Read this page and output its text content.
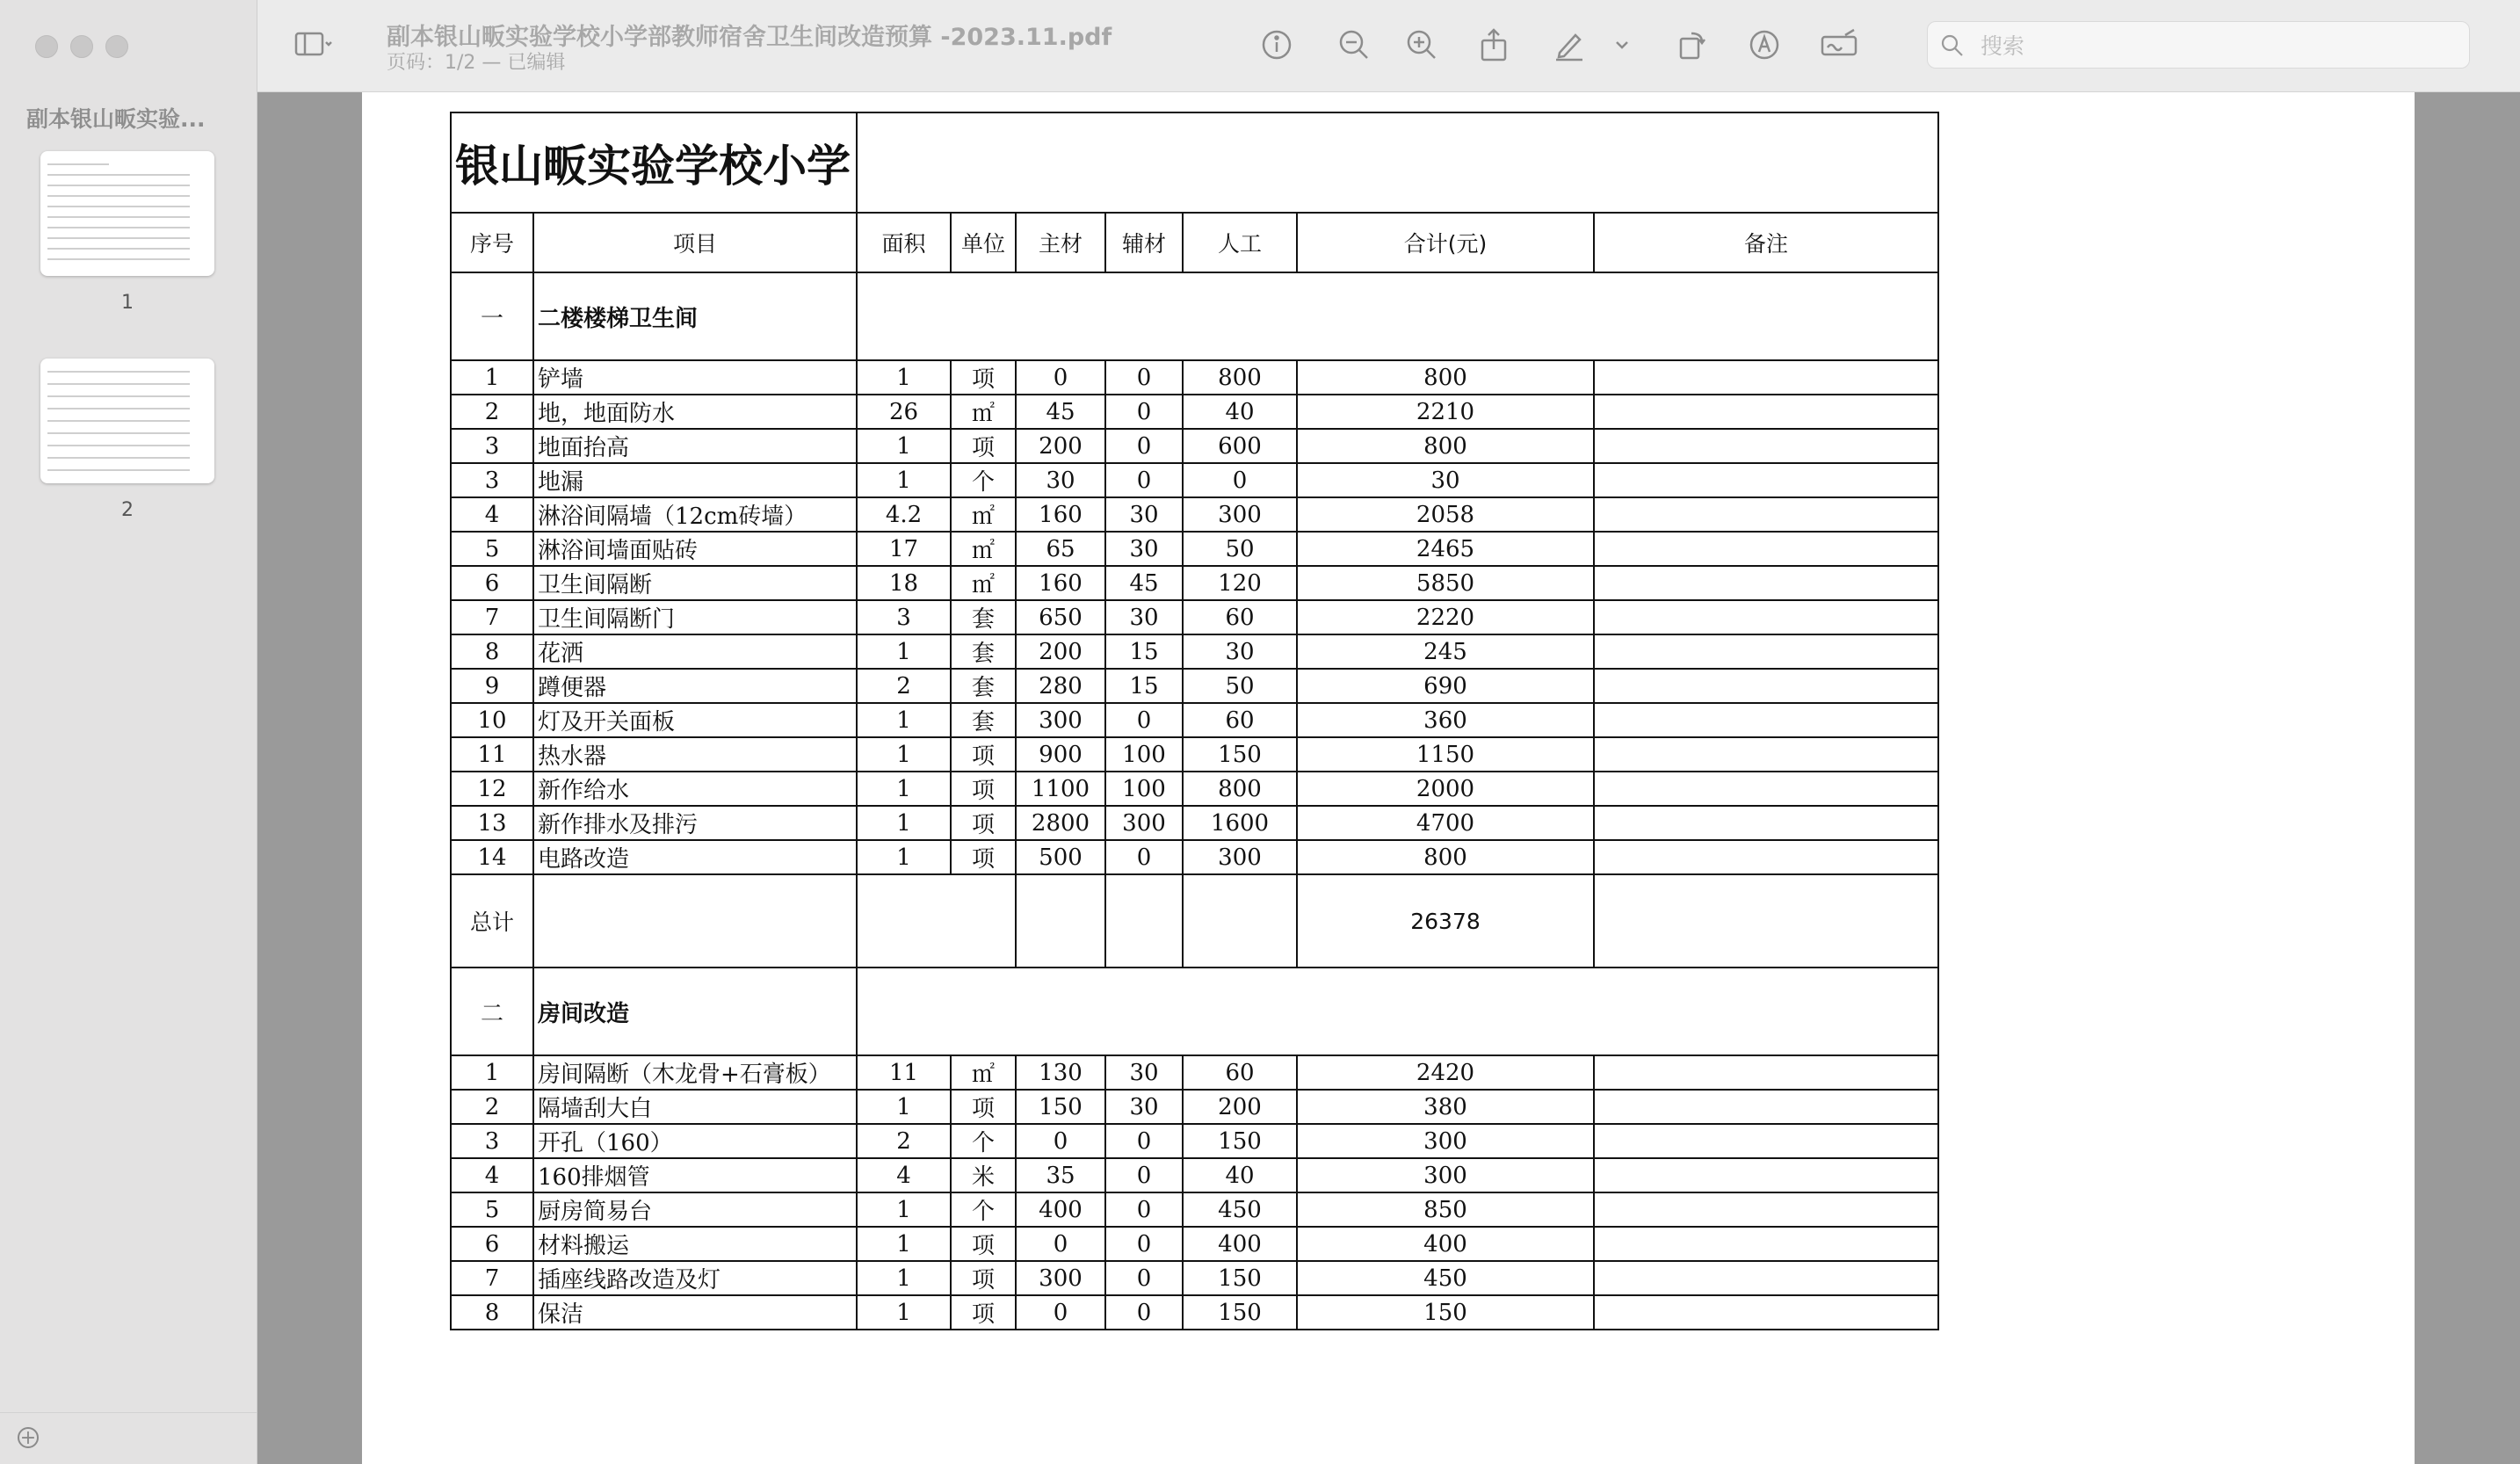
副本银山畈实验...
1
2
+
副本银山畈实验学校小学部教师宿舍卫生间改造预算 -2023.11.pdf
页码：1/2 — 已编辑
搜索
银山畈实验学校小学								
序号	项目	面积	单位	主材	辅材	人工	合计(元)	备注
一	二楼楼梯卫生间							
1	铲墙	1	项	0	0	800	800	
2	地，地面防水	26	㎡	45	0	40	2210	
3	地面抬高	1	项	200	0	600	800	
3	地漏	1	个	30	0	0	30	
4	淋浴间隔墙（12cm砖墙）	4.2	㎡	160	30	300	2058	
5	淋浴间墙面贴砖	17	㎡	65	30	50	2465	
6	卫生间隔断	18	㎡	160	45	120	5850	
7	卫生间隔断门	3	套	650	30	60	2220	
8	花洒	1	套	200	15	30	245	
9	蹲便器	2	套	280	15	50	690	
10	灯及开关面板	1	套	300	0	60	360	
11	热水器	1	项	900	100	150	1150	
12	新作给水	1	项	1100	100	800	2000	
13	新作排水及排污	1	项	2800	300	1600	4700	
14	电路改造	1	项	500	0	300	800	
总计							26378	
二	房间改造							
1	房间隔断（木龙骨+石膏板）	11	㎡	130	30	60	2420	
2	隔墙刮大白	1	项	150	30	200	380	
3	开孔（160）	2	个	0	0	150	300	
4	160排烟管	4	米	35	0	40	300	
5	厨房简易台	1	个	400	0	450	850	
6	材料搬运	1	项	0	0	400	400	
7	插座线路改造及灯	1	项	300	0	150	450	
8	保洁	1	项	0	0	150	150	
